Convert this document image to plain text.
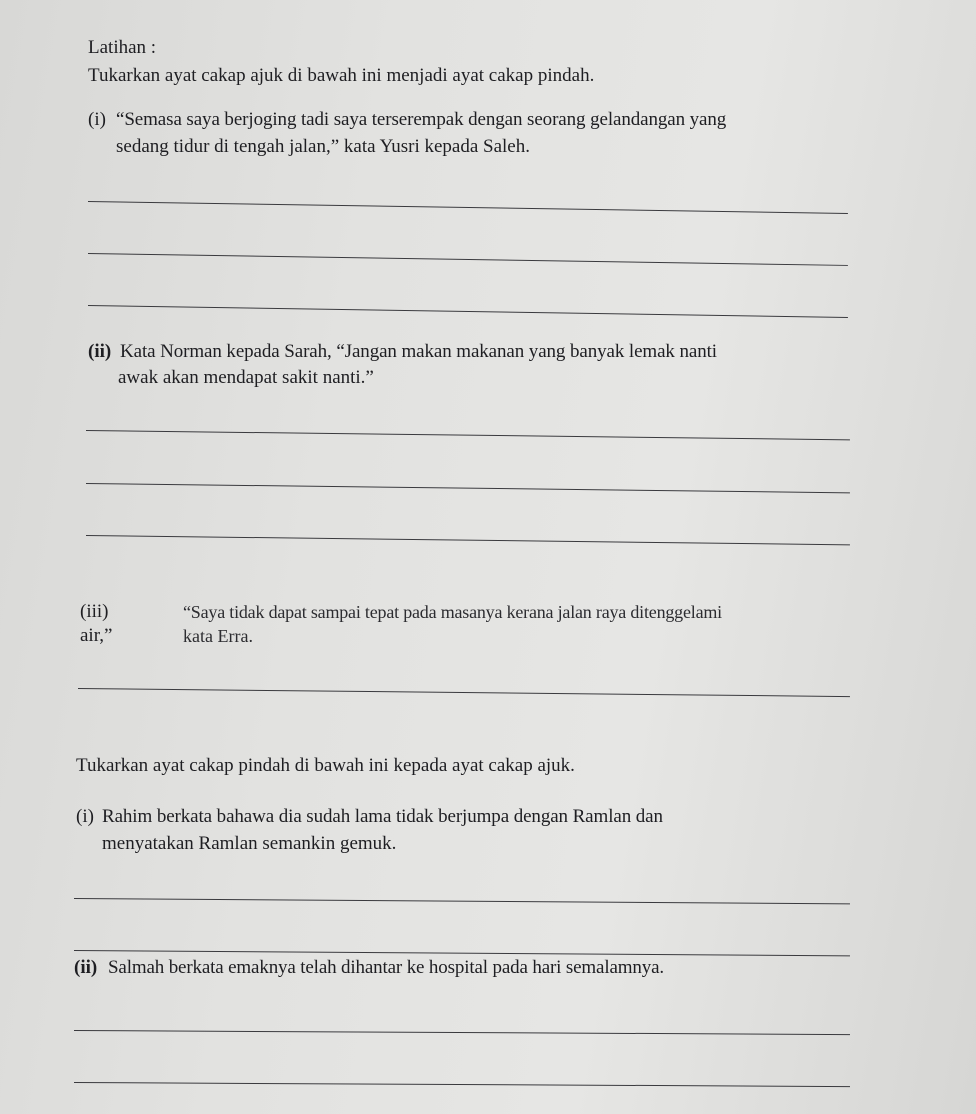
Latihan :
Tukarkan ayat cakap ajuk di bawah ini menjadi ayat cakap pindah.
(i) “Semasa saya berjoging tadi saya terserempak dengan seorang gelandangan yang
sedang tidur di tengah jalan,” kata Yusri kepada Saleh.
(ii) Kata Norman kepada Sarah, “Jangan makan makanan yang banyak lemak nanti
awak akan mendapat sakit nanti.”
(iii)	“Saya tidak dapat sampai tepat pada masanya kerana jalan raya ditenggelami
air,”	kata Erra.
Tukarkan ayat cakap pindah di bawah ini kepada ayat cakap ajuk.
(i) Rahim berkata bahawa dia sudah lama tidak berjumpa dengan Ramlan dan
menyatakan Ramlan semankin gemuk.
(ii) Salmah berkata emaknya telah dihantar ke hospital pada hari semalamnya.
